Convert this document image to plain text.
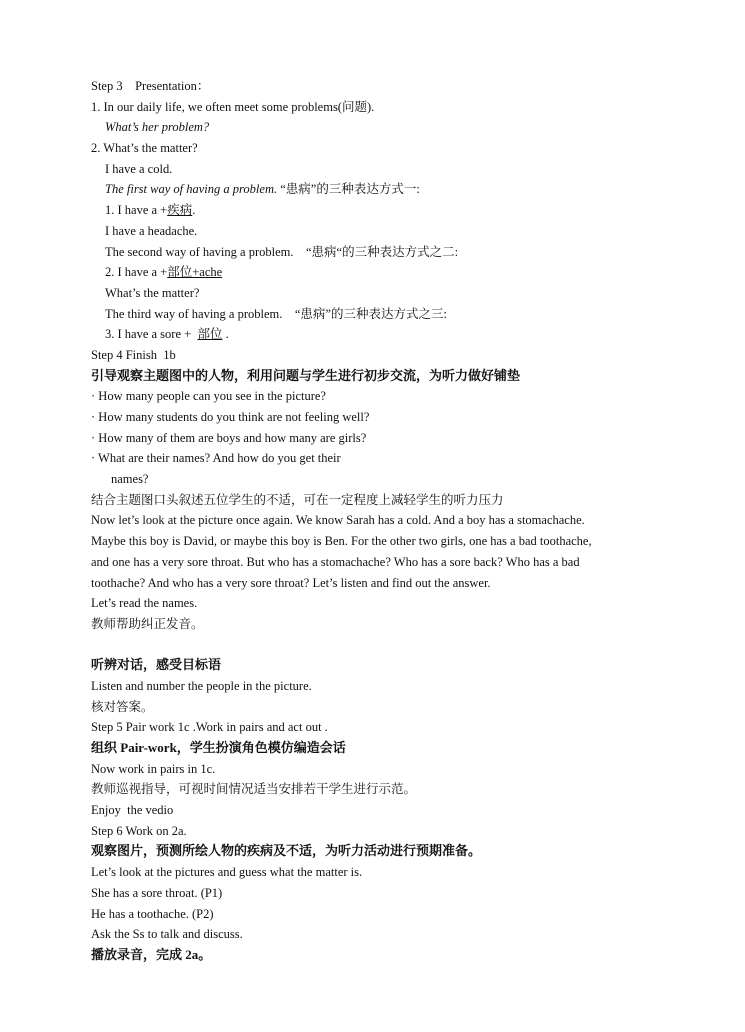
Step 3    Presentation：
1. In our daily life, we often meet some problems(问题).
What’s her problem?
2. What’s the matter?
I have a cold.
The first way of having a problem. “患病”的三种表达方式一:
1. I have a +疾病.
I have a headache.
The second way of having a problem.    “患病“的三种表达方式之二:
2. I have a +部位+ache
What’s the matter?
The third way of having a problem.    “患病”的三种表达方式之三:
3. I have a sore +  部位 .
Step 4 Finish  1b
引导观察主题图中的人物，利用问题与学生进行初步交流，为听力做好铺垫
· How many people can you see in the picture?
· How many students do you think are not feeling well?
· How many of them are boys and how many are girls?
· What are their names? And how do you get their
names?
结合主题图口头叙述五位学生的不适，可在一定程度上减轻学生的听力压力
Now let’s look at the picture once again. We know Sarah has a cold. And a boy has a stomachache.
Maybe this boy is David, or maybe this boy is Ben. For the other two girls, one has a bad toothache,
and one has a very sore throat. But who has a stomachache? Who has a sore back? Who has a bad
toothache? And who has a very sore throat? Let’s listen and find out the answer.
Let’s read the names.
教师帮助纠正发音。
听辨对话，感受目标语
Listen and number the people in the picture.
核对答案。
Step 5 Pair work 1c .Work in pairs and act out .
组织 Pair-work，学生扮演角色模仿编造会话
Now work in pairs in 1c.
教师巡视指导，可视时间情况适当安排若干学生进行示范。
Enjoy  the vedio
Step 6 Work on 2a.
观察图片，预测所绘人物的疾病及不适，为听力活动进行预期准备。
Let’s look at the pictures and guess what the matter is.
She has a sore throat. (P1)
He has a toothache. (P2)
Ask the Ss to talk and discuss.
播放录音，完成 2a。
